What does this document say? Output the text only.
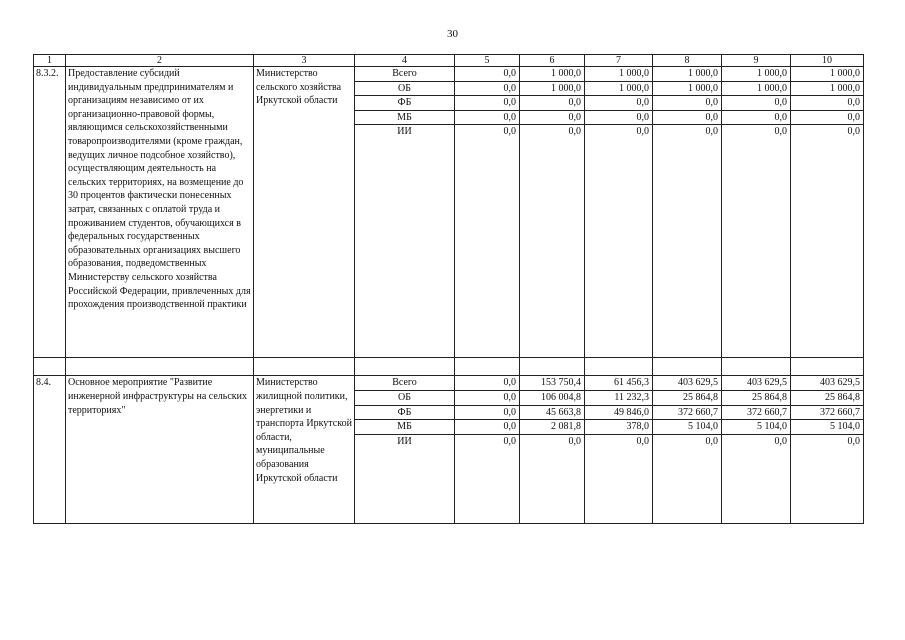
30
1	2	3	4	5	6	7	8	9	10
8.3.2.	Предоставление субсидий индивидуальным предпринимателям и организациям независимо от их организационно-правовой формы, являющимся сельскохозяйственными товаропроизводителями (кроме граждан, ведущих личное подсобное хозяйство), осуществляющим деятельность на сельских территориях, на возмещение до 30 процентов фактически понесенных затрат, связанных с оплатой труда и проживанием студентов, обучающихся в федеральных государственных образовательных организациях высшего образования, подведомственных Министерству сельского хозяйства Российской Федерации, привлеченных для прохождения производственной практики	Министерство сельского хозяйства Иркутской области	Всего	0,0	1 000,0	1 000,0	1 000,0	1 000,0	1 000,0
			ОБ	0,0	1 000,0	1 000,0	1 000,0	1 000,0	1 000,0
			ФБ	0,0	0,0	0,0	0,0	0,0	0,0
			МБ	0,0	0,0	0,0	0,0	0,0	0,0
			ИИ	0,0	0,0	0,0	0,0	0,0	0,0

8.4.	Основное мероприятие "Развитие инженерной инфраструктуры на сельских территориях"	Министерство жилищной политики, энергетики и транспорта Иркутской области, муниципальные образования Иркутской области	Всего	0,0	153 750,4	61 456,3	403 629,5	403 629,5	403 629,5
			ОБ	0,0	106 004,8	11 232,3	25 864,8	25 864,8	25 864,8
			ФБ	0,0	45 663,8	49 846,0	372 660,7	372 660,7	372 660,7
			МБ	0,0	2 081,8	378,0	5 104,0	5 104,0	5 104,0
			ИИ	0,0	0,0	0,0	0,0	0,0	0,0
